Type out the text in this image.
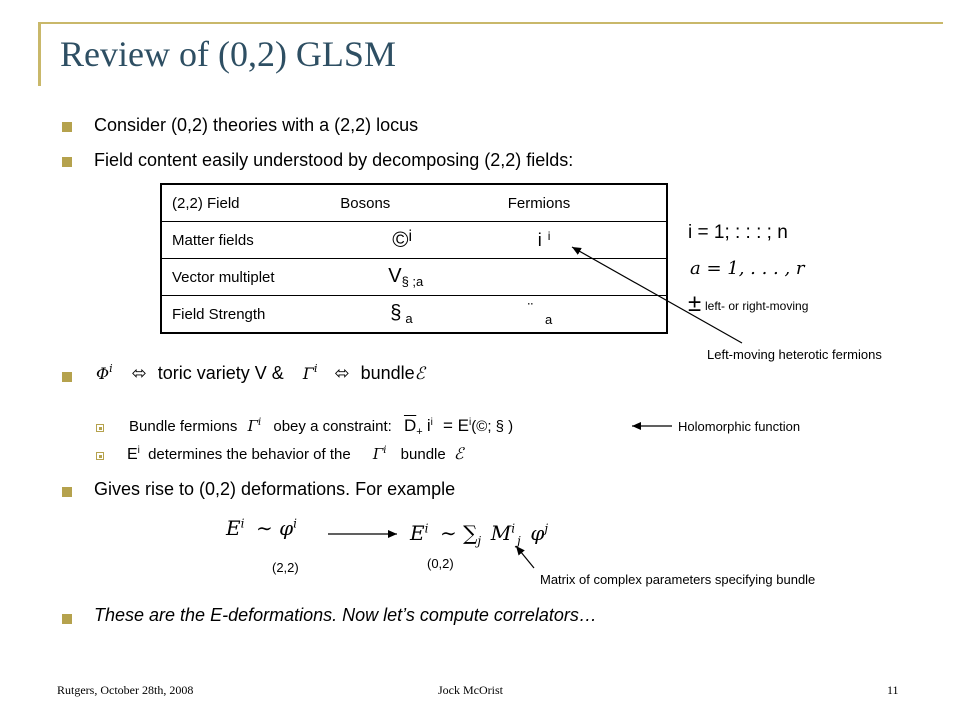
Review of (0,2) GLSM
Consider (0,2) theories with a (2,2) locus
Field content easily understood by decomposing (2,2) fields:
(2,2) Field	Bosons	Fermions
Matter fields	©$^i$	i $^i$
Vector multiplet	$V_{\S ;a}$	
Field Strength	§ $_a$	$¨_a$
i = 1; : : : ; n
a = 1, . . . , r
± left- or right-moving
Left-moving heterotic fermions
$\Phi^i$ ⬄ toric variety V & $\Gamma^i$ ⬄ bundleℰ
Bundle fermions $\Gamma^i$ obey a constraint: $\overline{D}_+$ $i^i$ = $E^i(©$; § )	Holomorphic function
$E^i$ determines the behavior of the $\Gamma^i$ bundle ℰ
Gives rise to (0,2) deformations. For example
$E^i$ ∼ $\varphi^i$	$E^i$ ∼ $\sum_j$ $M^i_j$ $\varphi^j$
(2,2)	(0,2)
Matrix of complex parameters specifying bundle
These are the E-deformations. Now let’s compute correlators…
Rutgers, October 28th, 2008	Jock McOrist	11
